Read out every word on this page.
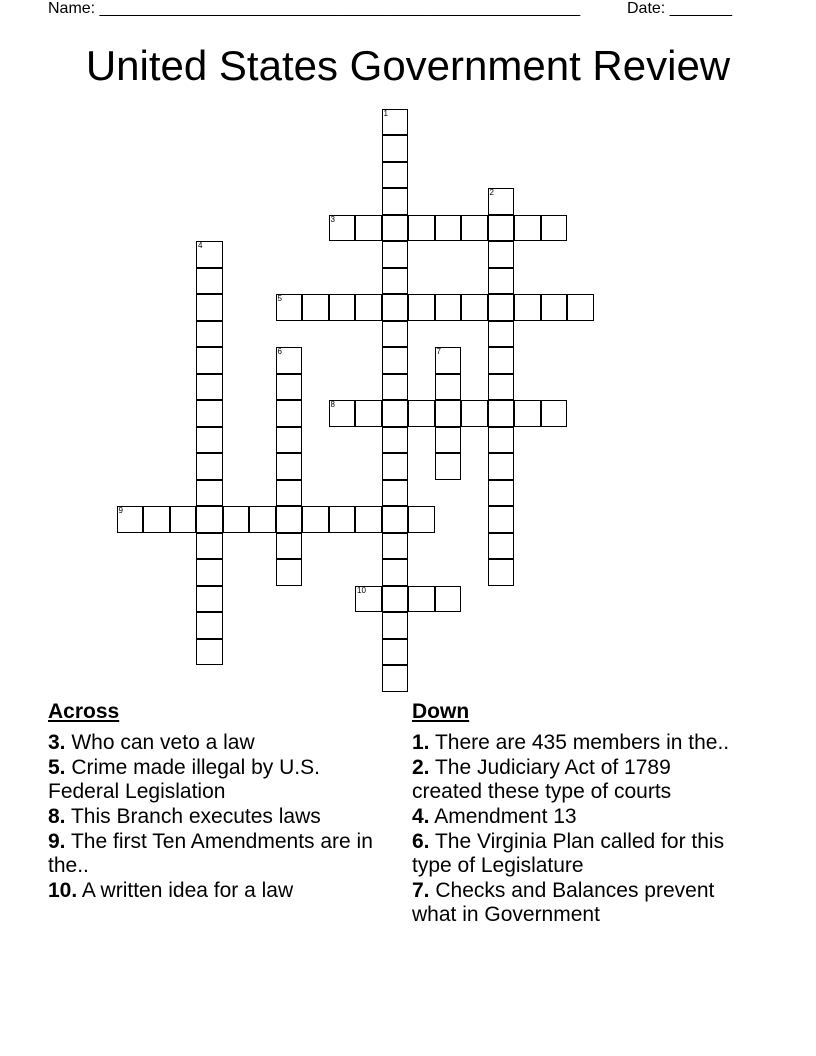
Name: ______________________________________________________	Date: _______
United States Government Review
1
2
3
4
5
6	7
8
9
10
Across
3. Who can veto a law
5. Crime made illegal by U.S. Federal Legislation
8. This Branch executes laws
9. The first Ten Amendments are in the..
10. A written idea for a law
Down
1. There are 435 members in the..
2. The Judiciary Act of 1789 created these type of courts
4. Amendment 13
6. The Virginia Plan called for this type of Legislature
7. Checks and Balances prevent what in Government
